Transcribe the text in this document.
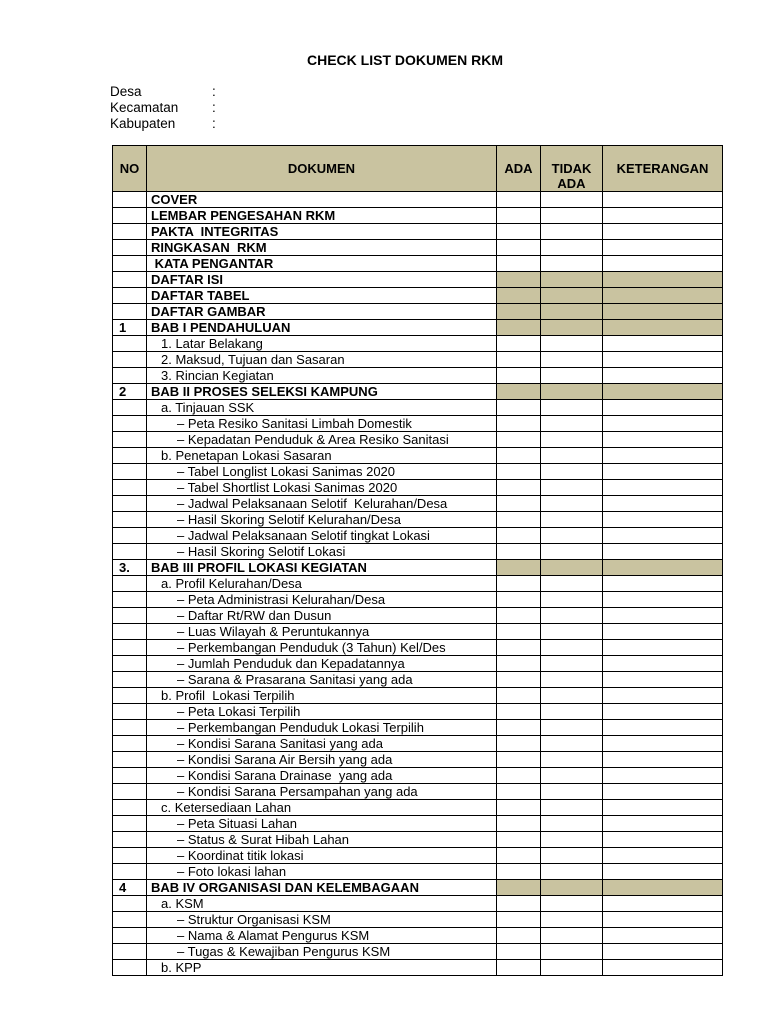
CHECK LIST DOKUMEN RKM
Desa	:
Kecamatan :
Kabupaten	:
NO	DOKUMEN	ADA	TIDAK ADA	KETERANGAN
	COVER			
	LEMBAR PENGESAHAN RKM			
	PAKTA  INTEGRITAS			
	RINGKASAN  RKM			
	KATA PENGANTAR			
	DAFTAR ISI			
	DAFTAR TABEL			
	DAFTAR GAMBAR			
1	BAB I PENDAHULUAN			
	1. Latar Belakang			
	2. Maksud, Tujuan dan Sasaran			
	3. Rincian Kegiatan			
2	BAB II PROSES SELEKSI KAMPUNG			
	a. Tinjauan SSK			
	– Peta Resiko Sanitasi Limbah Domestik			
	– Kepadatan Penduduk & Area Resiko Sanitasi			
	b. Penetapan Lokasi Sasaran			
	– Tabel Longlist Lokasi Sanimas 2020			
	– Tabel Shortlist Lokasi Sanimas 2020			
	– Jadwal Pelaksanaan Selotif  Kelurahan/Desa			
	– Hasil Skoring Selotif Kelurahan/Desa			
	– Jadwal Pelaksanaan Selotif tingkat Lokasi			
	– Hasil Skoring Selotif Lokasi			
3.	BAB III PROFIL LOKASI KEGIATAN			
	a. Profil Kelurahan/Desa			
	– Peta Administrasi Kelurahan/Desa			
	– Daftar Rt/RW dan Dusun			
	– Luas Wilayah & Peruntukannya			
	– Perkembangan Penduduk (3 Tahun) Kel/Des			
	– Jumlah Penduduk dan Kepadatannya			
	– Sarana & Prasarana Sanitasi yang ada			
	b. Profil  Lokasi Terpilih			
	– Peta Lokasi Terpilih			
	– Perkembangan Penduduk Lokasi Terpilih			
	– Kondisi Sarana Sanitasi yang ada			
	– Kondisi Sarana Air Bersih yang ada			
	– Kondisi Sarana Drainase  yang ada			
	– Kondisi Sarana Persampahan yang ada			
	c. Ketersediaan Lahan			
	– Peta Situasi Lahan			
	– Status & Surat Hibah Lahan			
	– Koordinat titik lokasi			
	– Foto lokasi lahan			
4	BAB IV ORGANISASI DAN KELEMBAGAAN			
	a. KSM			
	– Struktur Organisasi KSM			
	– Nama & Alamat Pengurus KSM			
	– Tugas & Kewajiban Pengurus KSM			
	b. KPP			
